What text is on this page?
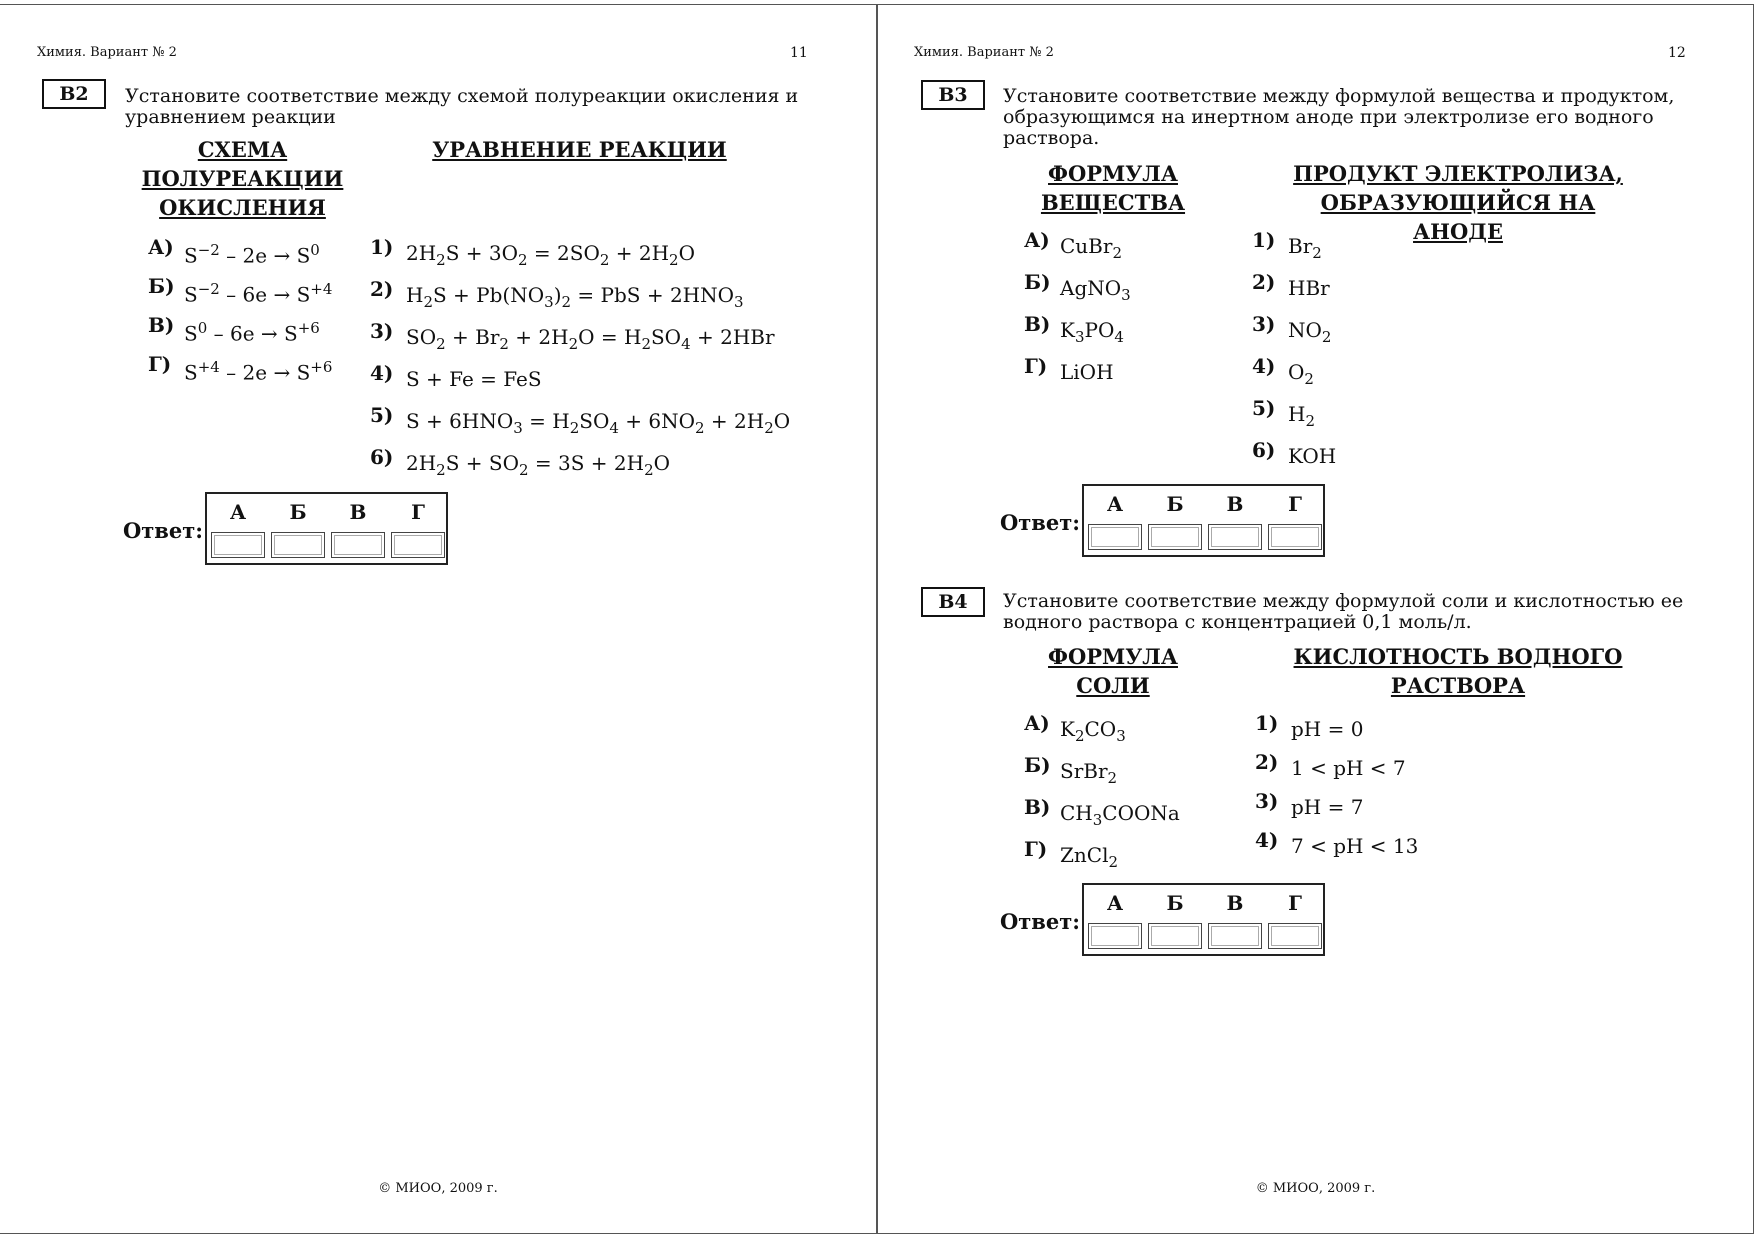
Химия. Вариант № 2	11
В2	Установите соответствие между схемой полуреакции окисления и
уравнением реакции
СХЕМА
ПОЛУРЕАКЦИИ
ОКИСЛЕНИЯ
УРАВНЕНИЕ РЕАКЦИИ
А) $S^{-2} - 2e \to S^0$
Б) $S^{-2} - 6e \to S^{+4}$
В) $S^0 - 6e \to S^{+6}$
Г) $S^{+4} - 2e \to S^{+6}$
1) $2H_2S + 3O_2 = 2SO_2 + 2H_2O$
2) $H_2S + Pb(NO_3)_2$ = PbS + $2HNO_3$
3) $SO_2 + Br_2 + 2H_2O = H_2SO_4 + 2HBr$
4) S + Fe = FeS
5) $S + 6HNO_3 = H_2SO_4 + 6NO_2 + 2H_2O$
6) $2H_2S + SO_2 = 3S + 2H_2O$
Ответ:
А	Б	В	Г
© МИОО, 2009 г.
Химия. Вариант № 2	12
В3	Установите соответствие между формулой вещества и продуктом,
образующимся на инертном аноде при электролизе его водного
раствора.
ФОРМУЛА
ВЕЩЕСТВА
ПРОДУКТ ЭЛЕКТРОЛИЗА,
ОБРАЗУЮЩИЙСЯ НА АНОДЕ
А) CuBr$_2$
Б) AgNO$_3$
В) $K_3PO_4$
Г) LiOH
1) $Br_2$
2) HBr
3) $NO_2$
4) $O_2$
5) $H_2$
6) KOH
Ответ:
А	Б	В	Г
В4	Установите соответствие между формулой соли и кислотностью ее
водного раствора с концентрацией 0,1 моль/л.
ФОРМУЛА СОЛИ
КИСЛОТНОСТЬ ВОДНОГО
РАСТВОРА
А) $K_2CO_3$
Б) SrBr$_2$
В) $CH_3COONa$
Г) ZnCl$_2$
1) pH = 0
2) 1 < pH < 7
3) pH = 7
4) 7 < pH < 13
Ответ:
А	Б	В	Г
© МИОО, 2009 г.
